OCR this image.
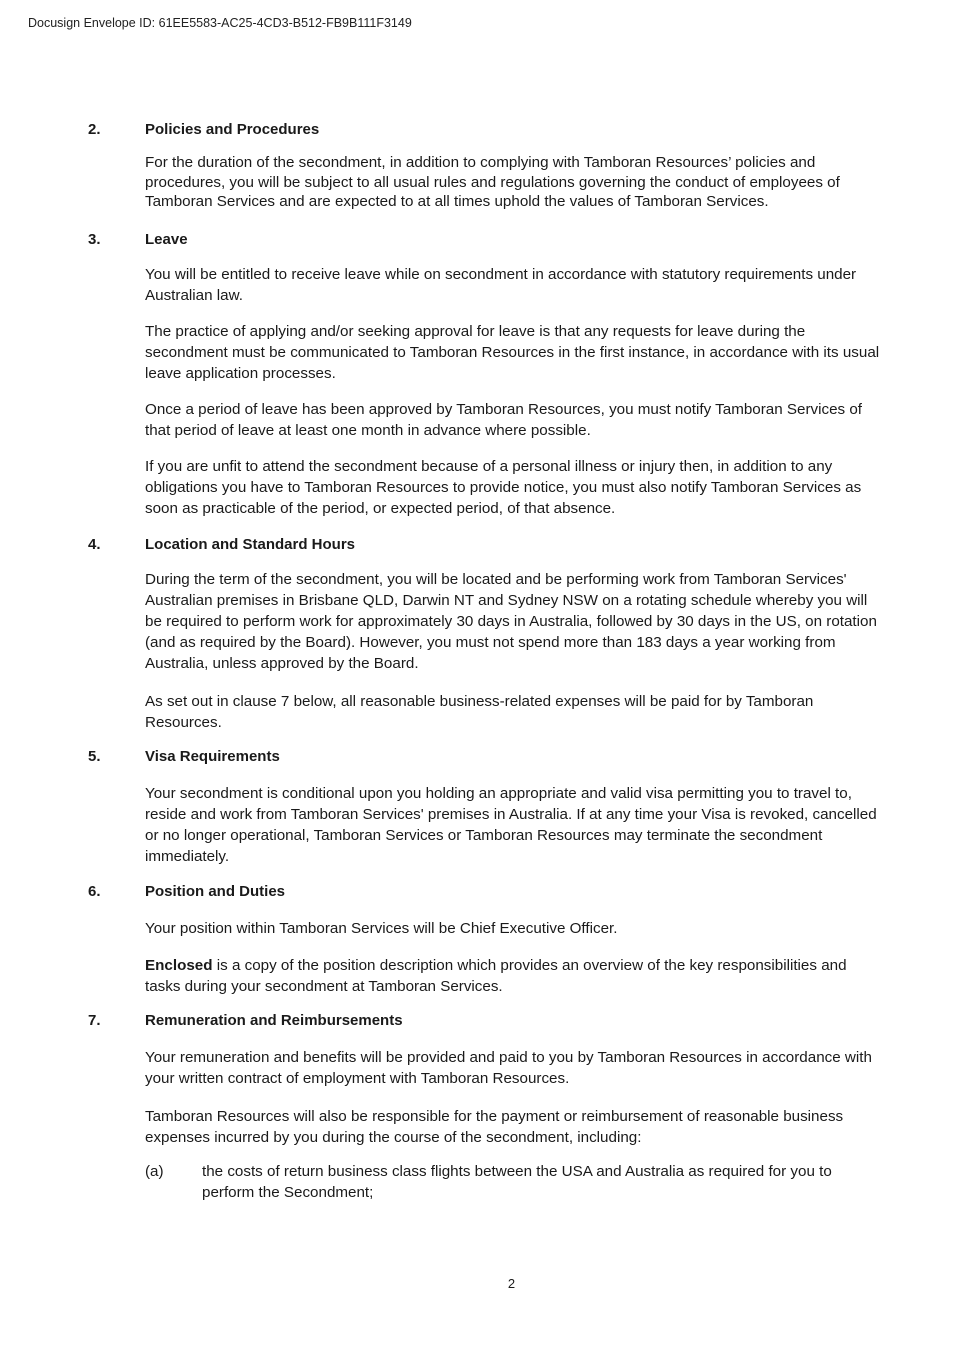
Docusign Envelope ID: 61EE5583-AC25-4CD3-B512-FB9B111F3149
2.	Policies and Procedures
For the duration of the secondment, in addition to complying with Tamboran Resources’ policies and procedures, you will be subject to all usual rules and regulations governing the conduct of employees of Tamboran Services and are expected to at all times uphold the values of Tamboran Services.
3.	Leave
You will be entitled to receive leave while on secondment in accordance with statutory requirements under Australian law.
The practice of applying and/or seeking approval for leave is that any requests for leave during the secondment must be communicated to Tamboran Resources in the first instance, in accordance with its usual leave application processes.
Once a period of leave has been approved by Tamboran Resources, you must notify Tamboran Services of that period of leave at least one month in advance where possible.
If you are unfit to attend the secondment because of a personal illness or injury then, in addition to any obligations you have to Tamboran Resources to provide notice, you must also notify Tamboran Services as soon as practicable of the period, or expected period, of that absence.
4.	Location and Standard Hours
During the term of the secondment, you will be located and be performing work from Tamboran Services' Australian premises in Brisbane QLD, Darwin NT and Sydney NSW on a rotating schedule whereby you will be required to perform work for approximately 30 days in Australia, followed by 30 days in the US, on rotation (and as required by the Board). However, you must not spend more than 183 days a year working from Australia, unless approved by the Board.
As set out in clause 7 below, all reasonable business-related expenses will be paid for by Tamboran Resources.
5.	Visa Requirements
Your secondment is conditional upon you holding an appropriate and valid visa permitting you to travel to, reside and work from Tamboran Services' premises in Australia. If at any time your Visa is revoked, cancelled or no longer operational, Tamboran Services or Tamboran Resources may terminate the secondment immediately.
6.	Position and Duties
Your position within Tamboran Services will be Chief Executive Officer.
Enclosed is a copy of the position description which provides an overview of the key responsibilities and tasks during your secondment at Tamboran Services.
7.	Remuneration and Reimbursements
Your remuneration and benefits will be provided and paid to you by Tamboran Resources in accordance with your written contract of employment with Tamboran Resources.
Tamboran Resources will also be responsible for the payment or reimbursement of reasonable business expenses incurred by you during the course of the secondment, including:
(a)	the costs of return business class flights between the USA and Australia as required for you to perform the Secondment;
2
